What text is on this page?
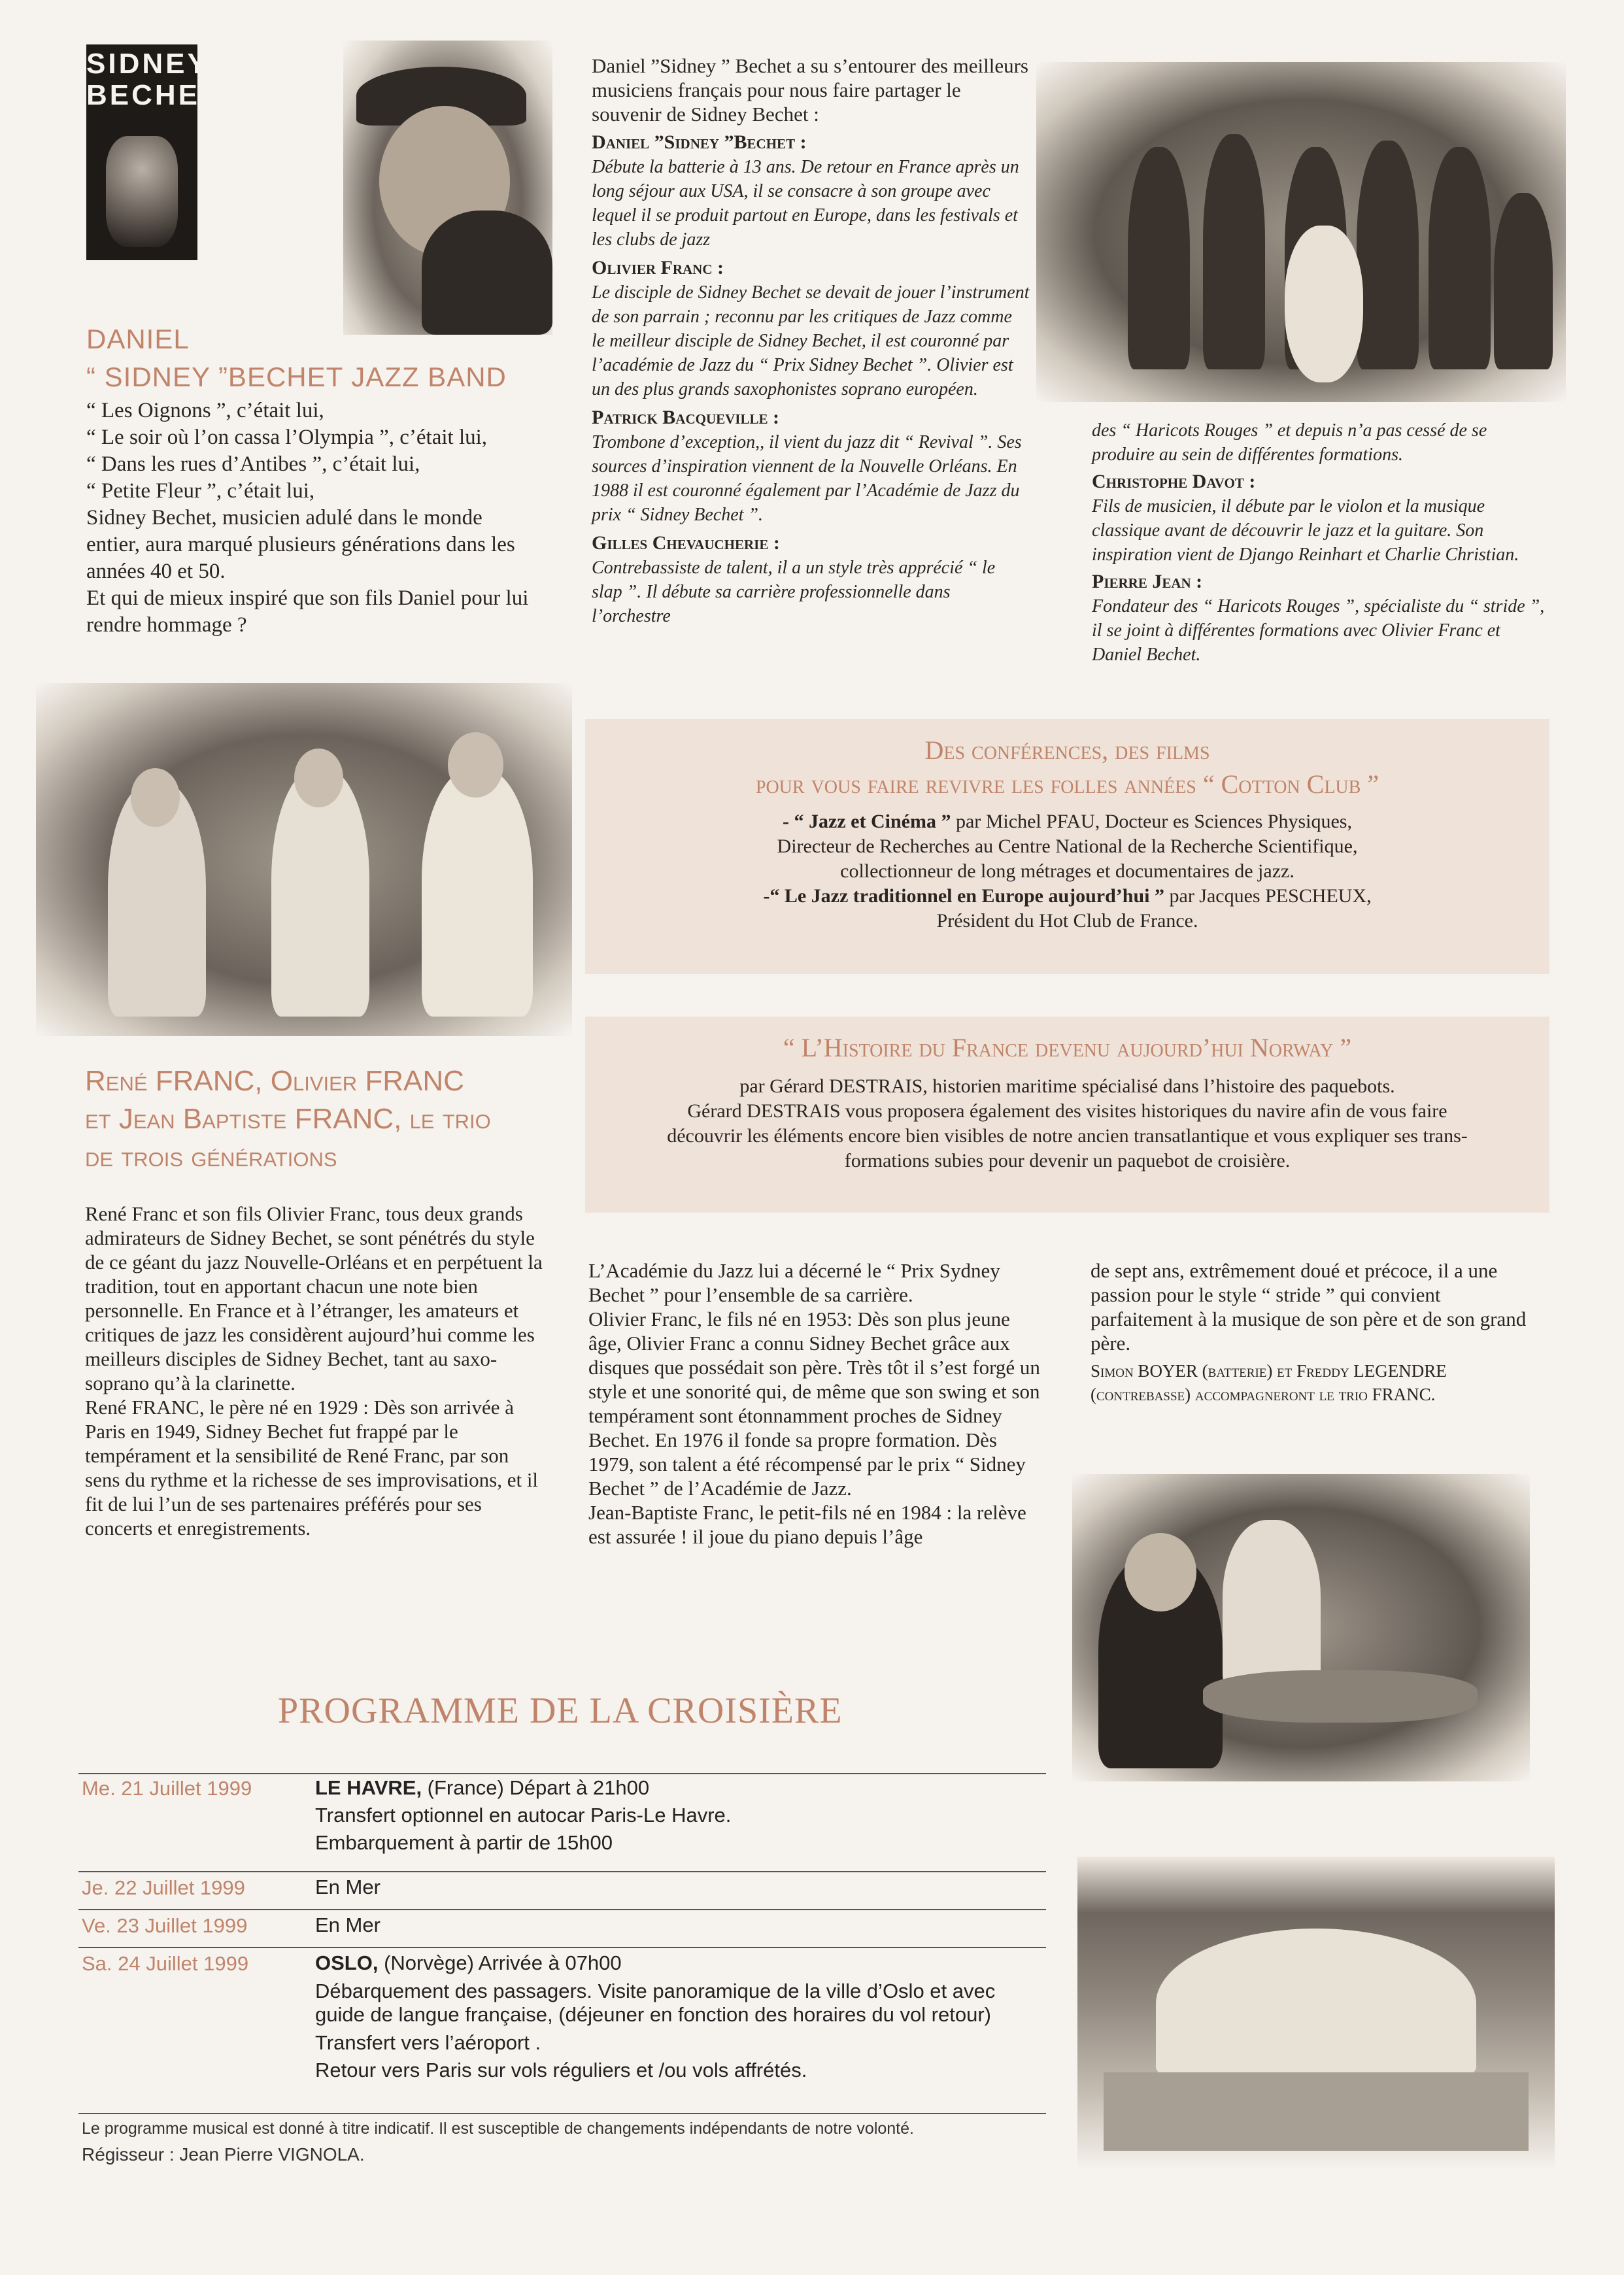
SIDNEY
BECHET
DANIEL
“ SIDNEY ”BECHET JAZZ BAND
“ Les Oignons ”, c’était lui,
“ Le soir où l’on cassa l’Olympia ”, c’était lui,
“ Dans les rues d’Antibes ”, c’était lui,
“ Petite Fleur ”, c’était lui,
Sidney Bechet, musicien adulé dans le monde entier, aura marqué plusieurs générations dans les années 40 et 50.
Et qui de mieux inspiré que son fils Daniel pour lui rendre hommage ?
Daniel ”Sidney ” Bechet a su s’entourer des meilleurs musiciens français pour nous faire partager le souvenir de Sidney Bechet :
Daniel ”Sidney ”Bechet :
Débute la batterie à 13 ans. De retour en France après un long séjour aux USA, il se consacre à son groupe avec lequel il se produit partout en Europe, dans les festivals et les clubs de jazz
Olivier Franc :
Le disciple de Sidney Bechet se devait de jouer l’instrument de son parrain ; reconnu par les critiques de Jazz comme le meilleur disciple de Sidney Bechet, il est couronné par l’académie de Jazz du “ Prix Sidney Bechet ”. Olivier est un des plus grands saxophonistes soprano européen.
Patrick Bacqueville :
Trombone d’exception,, il vient du jazz dit “ Revival ”. Ses sources d’inspiration viennent de la Nouvelle Orléans. En 1988 il est couronné également par l’Académie de Jazz du prix “ Sidney Bechet ”.
Gilles Chevaucherie :
Contrebassiste de talent, il a un style très apprécié “ le slap ”. Il débute sa carrière professionnelle dans l’orchestre
des “ Haricots Rouges ” et depuis n’a pas cessé de se produire au sein de différentes formations.
Christophe Davot :
Fils de musicien, il débute par le violon et la musique classique avant de découvrir le jazz et la guitare. Son inspiration vient de Django Reinhart et Charlie Christian.
Pierre Jean :
Fondateur des “ Haricots Rouges ”, spécialiste du “ stride ”, il se joint à différentes formations avec Olivier Franc et Daniel Bechet.
Des conférences, des films
pour vous faire revivre les folles années “ Cotton Club ”
- “ Jazz et Cinéma ” par Michel PFAU, Docteur es Sciences Physiques,
Directeur de Recherches au Centre National de la Recherche Scientifique,
collectionneur de long métrages et documentaires de jazz.
-“ Le Jazz traditionnel en Europe aujourd’hui ” par Jacques PESCHEUX,
Président du Hot Club de France.
“ L’Histoire du France devenu aujourd’hui Norway ”
par Gérard DESTRAIS, historien maritime spécialisé dans l’histoire des paquebots.
Gérard DESTRAIS vous proposera également des visites historiques du navire afin de vous faire
découvrir les éléments encore bien visibles de notre ancien transatlantique et vous expliquer ses trans-
formations subies pour devenir un paquebot de croisière.
René FRANC, Olivier FRANC
et Jean Baptiste FRANC, le trio
de trois générations
René Franc et son fils Olivier Franc, tous deux grands admirateurs de Sidney Bechet, se sont pénétrés du style de ce géant du jazz Nouvelle-Orléans et en perpétuent la tradition, tout en apportant chacun une note bien personnelle. En France et à l’étranger, les amateurs et critiques de jazz les considèrent aujourd’hui comme les meilleurs disciples de Sidney Bechet, tant au saxo-soprano qu’à la clarinette.
René FRANC, le père né en 1929 : Dès son arrivée à Paris en 1949, Sidney Bechet fut frappé par le tempérament et la sensibilité de René Franc, par son sens du rythme et la richesse de ses improvisations, et il fit de lui l’un de ses partenaires préférés pour ses concerts et enregistrements.
L’Académie du Jazz lui a décerné le “ Prix Sydney Bechet ” pour l’ensemble de sa carrière.
Olivier Franc, le fils né en 1953: Dès son plus jeune âge, Olivier Franc a connu Sidney Bechet grâce aux disques que possédait son père. Très tôt il s’est forgé un style et une sonorité qui, de même que son swing et son tempérament sont étonnamment proches de Sidney Bechet. En 1976 il fonde sa propre formation. Dès 1979, son talent a été récompensé par le prix “ Sidney Bechet ” de l’Académie de Jazz.
Jean-Baptiste Franc, le petit-fils né en 1984 : la relève est assurée ! il joue du piano depuis l’âge
de sept ans, extrêmement doué et précoce, il a une passion pour le style “ stride ” qui convient parfaitement à la musique de son père et de son grand père.
Simon BOYER (batterie) et Freddy LEGENDRE (contrebasse) accompagneront le trio FRANC.
PROGRAMME DE LA CROISIÈRE
Me. 21 Juillet 1999	LE HAVRE, (France) Départ à 21h00
Transfert optionnel en autocar Paris-Le Havre.
Embarquement à partir de 15h00
Je. 22 Juillet 1999	En Mer
Ve. 23 Juillet 1999	En Mer
Sa. 24 Juillet 1999	OSLO, (Norvège) Arrivée à 07h00
Débarquement des passagers. Visite panoramique de la ville d’Oslo et avec guide de langue française, (déjeuner en fonction des horaires du vol retour)
Transfert vers l’aéroport .
Retour vers Paris sur vols réguliers et /ou vols affrétés.
Le programme musical est donné à titre indicatif. Il est susceptible de changements indépendants de notre volonté.
Régisseur : Jean Pierre VIGNOLA.
